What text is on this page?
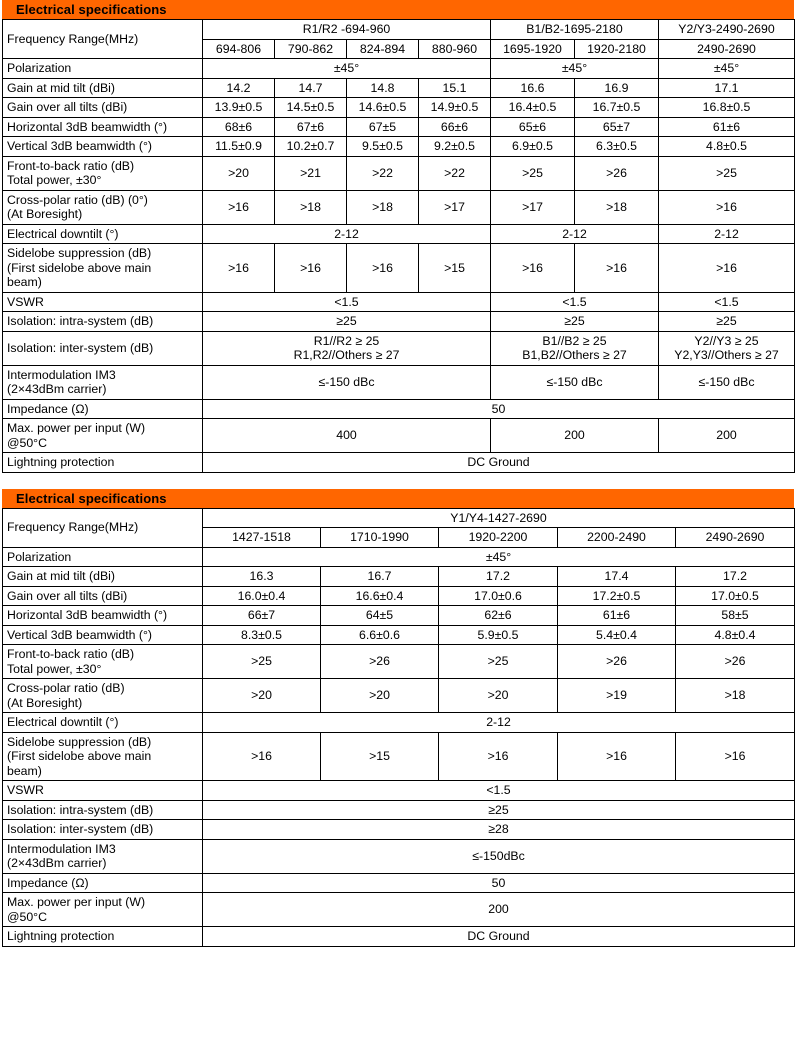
Electrical specifications
Frequency Range(MHz)	R1/R2 -694-960				B1/B2-1695-2180		Y2/Y3-2490-2690
	694-806	790-862	824-894	880-960	1695-1920	1920-2180	2490-2690
Polarization	±45°				±45°		±45°
Gain at mid tilt (dBi)	14.2	14.7	14.8	15.1	16.6	16.9	17.1
Gain over all tilts (dBi)	13.9±0.5	14.5±0.5	14.6±0.5	14.9±0.5	16.4±0.5	16.7±0.5	16.8±0.5
Horizontal 3dB beamwidth (°)	68±6	67±6	67±5	66±6	65±6	65±7	61±6
Vertical 3dB beamwidth (°)	11.5±0.9	10.2±0.7	9.5±0.5	9.2±0.5	6.9±0.5	6.3±0.5	4.8±0.5
Front-to-back ratio (dB)
Total power, ±30°	>20	>21	>22	>22	>25	>26	>25
Cross-polar ratio (dB) (0°)
(At Boresight)	>16	>18	>18	>17	>17	>18	>16
Electrical downtilt (°)	2-12				2-12		2-12
Sidelobe suppression (dB)
(First sidelobe above main
beam)	>16	>16	>16	>15	>16	>16	>16
VSWR	<1.5				<1.5		<1.5
Isolation: intra-system (dB)	≥25				≥25		≥25
Isolation: inter-system (dB)	R1//R2 ≥ 25
R1,R2//Others ≥ 27				B1//B2 ≥ 25
B1,B2//Others ≥ 27		Y2//Y3 ≥ 25
Y2,Y3//Others ≥ 27
Intermodulation IM3
(2×43dBm carrier)	≤-150 dBc				≤-150 dBc		≤-150 dBc
Impedance (Ω)	50						
Max. power per input (W)
@50°C	400				200		200
Lightning protection	DC Ground						
Electrical specifications
Frequency Range(MHz)	Y1/Y4-1427-2690				
	1427-1518	1710-1990	1920-2200	2200-2490	2490-2690
Polarization	±45°				
Gain at mid tilt (dBi)	16.3	16.7	17.2	17.4	17.2
Gain over all tilts (dBi)	16.0±0.4	16.6±0.4	17.0±0.6	17.2±0.5	17.0±0.5
Horizontal 3dB beamwidth (°)	66±7	64±5	62±6	61±6	58±5
Vertical 3dB beamwidth (°)	8.3±0.5	6.6±0.6	5.9±0.5	5.4±0.4	4.8±0.4
Front-to-back ratio (dB)
Total power, ±30°	>25	>26	>25	>26	>26
Cross-polar ratio (dB)
(At Boresight)	>20	>20	>20	>19	>18
Electrical downtilt (°)	2-12				
Sidelobe suppression (dB)
(First sidelobe above main
beam)	>16	>15	>16	>16	>16
VSWR	<1.5				
Isolation: intra-system (dB)	≥25				
Isolation: inter-system (dB)	≥28				
Intermodulation IM3
(2×43dBm carrier)	≤-150dBc				
Impedance (Ω)	50				
Max. power per input (W)
@50°C	200				
Lightning protection	DC Ground				
